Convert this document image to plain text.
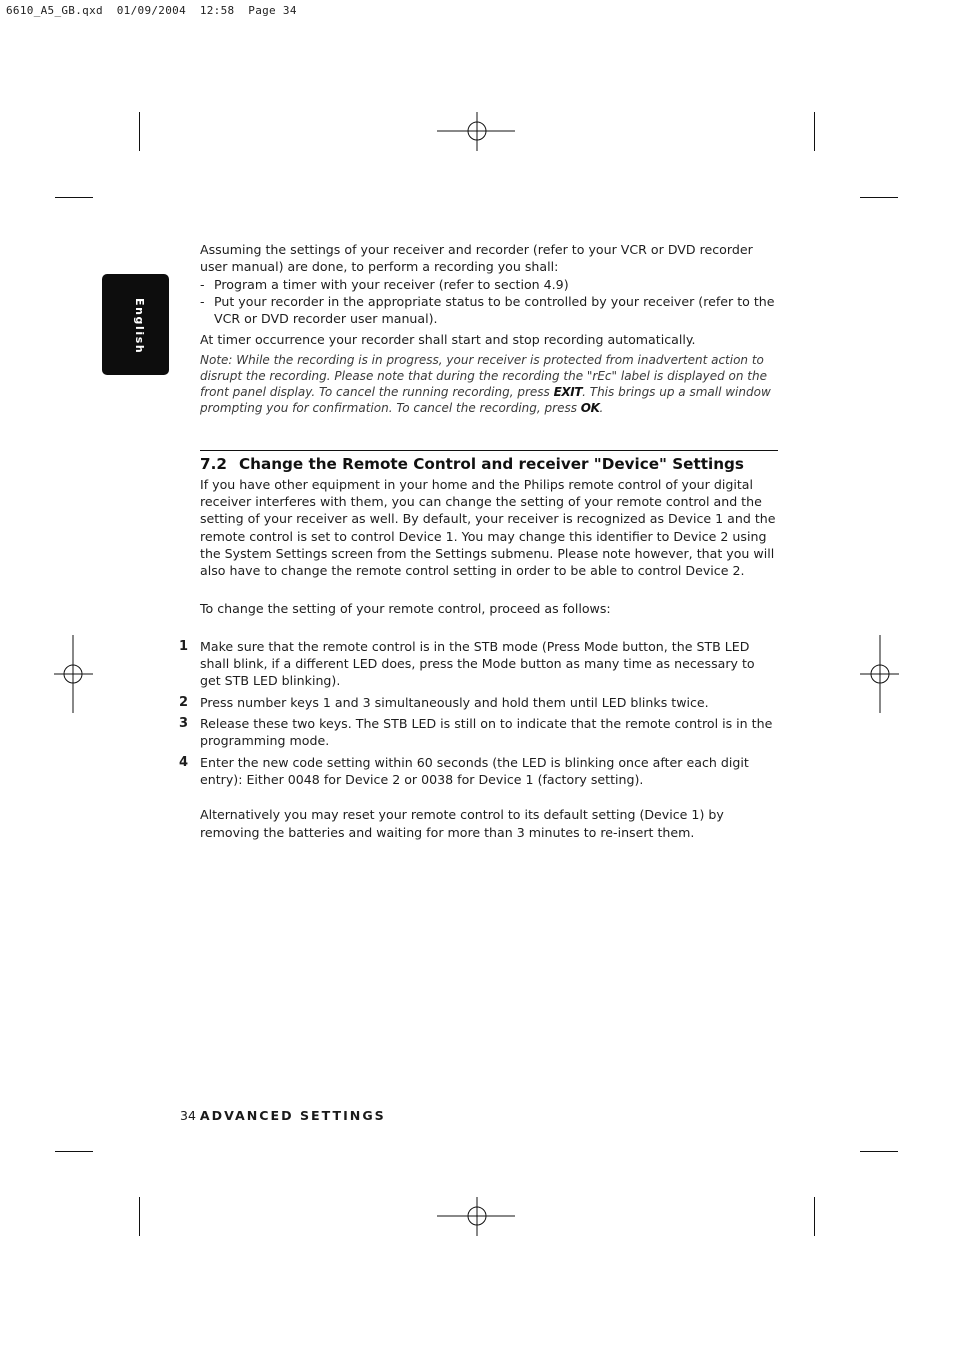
6610_A5_GB.qxd  01/09/2004  12:58  Page 34
English

Assuming the settings of your receiver and recorder (refer to your VCR or DVD recorder user manual) are done, to perform a recording you shall:

- Program a timer with your receiver (refer to section 4.9)

- Put your recorder in the appropriate status to be controlled by your receiver (refer to the VCR or DVD recorder user manual).

At timer occurrence your recorder shall start and stop recording automatically.

Note: While the recording is in progress, your receiver is protected from inadvertent action to disrupt the recording. Please note that during the recording the "rEc" label is displayed on the front panel display. To cancel the running recording, press EXIT. This brings up a small window prompting you for confirmation. To cancel the recording, press OK.

7.2 Change the Remote Control and receiver "Device" Settings

If you have other equipment in your home and the Philips remote control of your digital receiver interferes with them, you can change the setting of your remote control and the setting of your receiver as well. By default, your receiver is recognized as Device 1 and the remote control is set to control Device 1. You may change this identifier to Device 2 using the System Settings screen from the Settings submenu. Please note however, that you will also have to change the remote control setting in order to be able to control Device 2.

To change the setting of your remote control, proceed as follows:

1 Make sure that the remote control is in the STB mode (Press Mode button, the STB LED shall blink, if a different LED does, press the Mode button as many time as necessary to get STB LED blinking).
2 Press number keys 1 and 3 simultaneously and hold them until LED blinks twice.
3 Release these two keys. The STB LED is still on to indicate that the remote control is in the programming mode.
4 Enter the new code setting within 60 seconds (the LED is blinking once after each digit entry): Either 0048 for Device 2 or 0038 for Device 1 (factory setting).

Alternatively you may reset your remote control to its default setting (Device 1) by removing the batteries and waiting for more than 3 minutes to re-insert them.

34 ADVANCED SETTINGS
